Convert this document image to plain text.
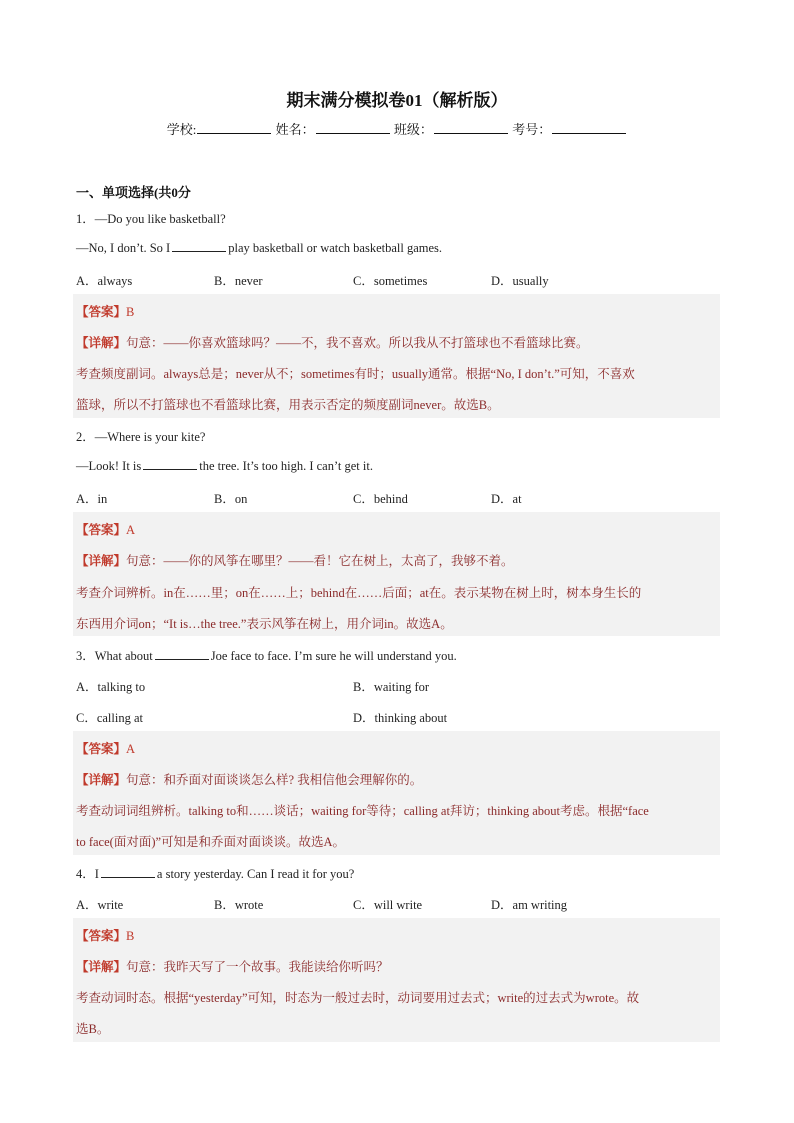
期末满分模拟卷01（解析版）
学校:	姓名：	班级：	考号：
一、单项选择(共0分
1．—Do you like basketball?
—No, I don’t. So I	play basketball or watch basketball games.
A．always	B．never	C．sometimes	D．usually
【答案】B
【详解】句意：——你喜欢篮球吗？——不，我不喜欢。所以我从不打篮球也不看篮球比赛。
考查频度副词。always总是；never从不；sometimes有时；usually通常。根据“No, I don’t.”可知，不喜欢
篮球，所以不打篮球也不看篮球比赛，用表示否定的频度副词never。故选B。
2．—Where is your kite?
—Look! It is	the tree. It’s too high. I can’t get it.
A．in	B．on	C．behind	D．at
【答案】A
【详解】句意：——你的风筝在哪里？——看！它在树上，太高了，我够不着。
考查介词辨析。in在……里；on在……上；behind在……后面；at在。表示某物在树上时，树本身生长的
东西用介词on；“It is…the tree.”表示风筝在树上，用介词in。故选A。
3．What about	Joe face to face. I’m sure he will understand you.
A．talking to	B．waiting for
C．calling at	D．thinking about
【答案】A
【详解】句意：和乔面对面谈谈怎么样? 我相信他会理解你的。
考查动词词组辨析。talking to和……谈话；waiting for等待；calling at拜访；thinking about考虑。根据“face
to face(面对面)”可知是和乔面对面谈谈。故选A。
4．I	a story yesterday. Can I read it for you?
A．write	B．wrote	C．will write	D．am writing
【答案】B
【详解】句意：我昨天写了一个故事。我能读给你听吗？
考查动词时态。根据“yesterday”可知，时态为一般过去时，动词要用过去式；write的过去式为wrote。故
选B。
